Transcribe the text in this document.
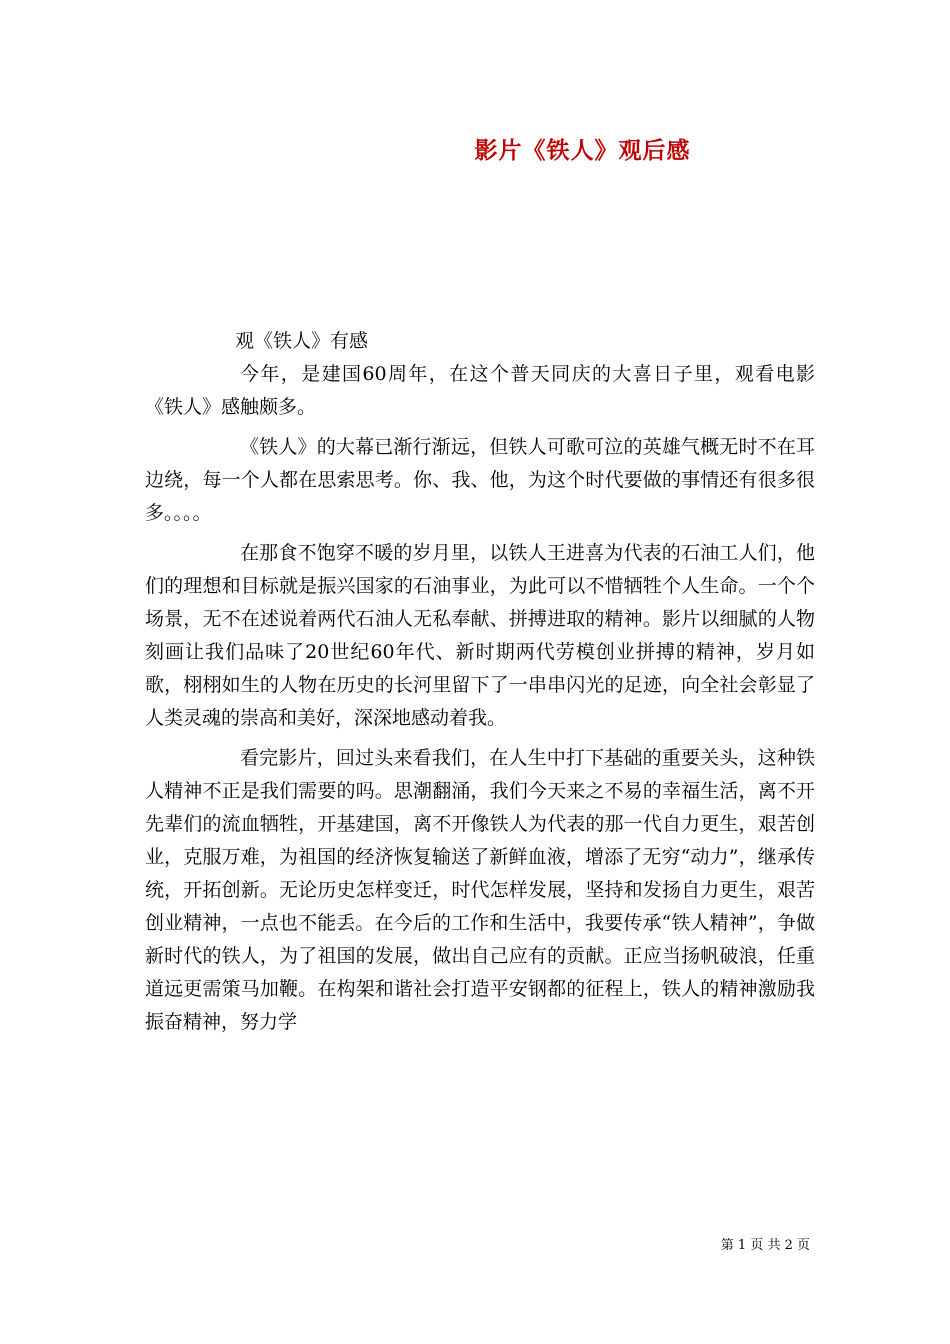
影片《铁人》观后感

观《铁人》有感

今年，是建国60周年，在这个普天同庆的大喜日子里，观看电影《铁人》感触颇多。

《铁人》的大幕已渐行渐远，但铁人可歌可泣的英雄气概无时不在耳边绕，每一个人都在思索思考。你、我、他，为这个时代要做的事情还有很多很多。。。。

在那食不饱穿不暖的岁月里，以铁人王进喜为代表的石油工人们，他们的理想和目标就是振兴国家的石油事业，为此可以不惜牺牲个人生命。一个个场景，无不在述说着两代石油人无私奉献、拼搏进取的精神。影片以细腻的人物刻画让我们品味了20世纪60年代、新时期两代劳模创业拼搏的精神，岁月如歌，栩栩如生的人物在历史的长河里留下了一串串闪光的足迹，向全社会彰显了人类灵魂的崇高和美好，深深地感动着我。

看完影片，回过头来看我们，在人生中打下基础的重要关头，这种铁人精神不正是我们需要的吗。思潮翻涌，我们今天来之不易的幸福生活，离不开先辈们的流血牺牲，开基建国，离不开像铁人为代表的那一代自力更生，艰苦创业，克服万难，为祖国的经济恢复输送了新鲜血液，增添了无穷“动力”，继承传统，开拓创新。无论历史怎样变迁，时代怎样发展，坚持和发扬自力更生，艰苦创业精神，一点也不能丢。在今后的工作和生活中，我要传承“铁人精神”，争做新时代的铁人，为了祖国的发展，做出自己应有的贡献。正应当扬帆破浪，任重道远更需策马加鞭。在构架和谐社会打造平安钢都的征程上，铁人的精神激励我振奋精神，努力学

第 1 页 共 2 页
